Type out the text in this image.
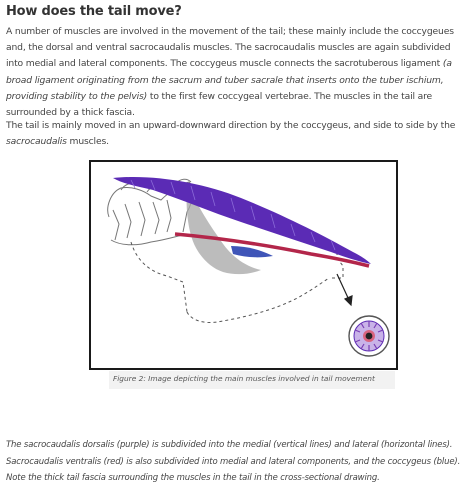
How does the tail move?

A number of muscles are involved in the movement of the tail; these mainly include the coccygeues and, the dorsal and ventral sacrocaudalis muscles. The sacrocaudalis muscles are again subdivided into medial and lateral components. The coccygeus muscle connects the sacrotuberous ligament (a broad ligament originating from the sacrum and tuber sacrale that inserts onto the tuber ischium, providing stability to the pelvis) to the first few coccygeal vertebrae. The muscles in the tail are surrounded by a thick fascia.

The tail is mainly moved in an upward-downward direction by the coccygeus, and side to side by the sacrocaudalis muscles.

Figure 2: Image depicting the main muscles involved in tail movement

The sacrocaudalis dorsalis (purple) is subdivided into the medial (vertical lines) and lateral (horizontal lines).
Sacrocaudalis ventralis (red) is also subdivided into medial and lateral components, and the coccygeus (blue).
Note the thick tail fascia surrounding the muscles in the tail in the cross-sectional drawing.
